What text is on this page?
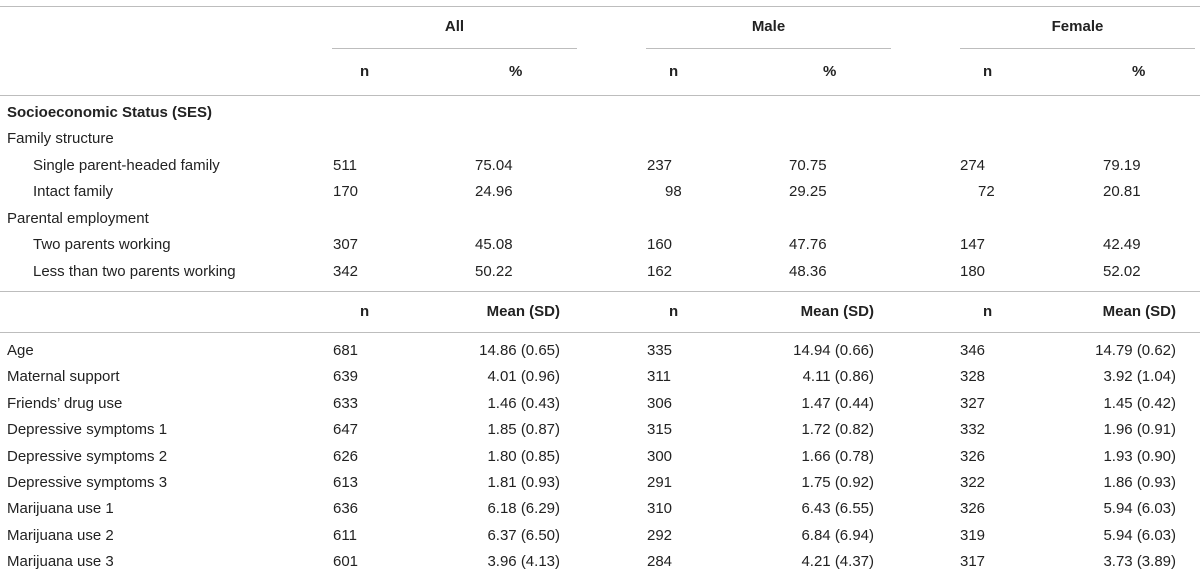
All	Male	Female
n	%	n	%	n	%
Socioeconomic Status (SES)
Family structure
Single parent-headed family	511	75.04	237	70.75	274	79.19
Intact family	170	24.96	98	29.25	72	20.81
Parental employment
Two parents working	307	45.08	160	47.76	147	42.49
Less than two parents working	342	50.22	162	48.36	180	52.02
n	Mean (SD)	n	Mean (SD)	n	Mean (SD)
Age	681	14.86 (0.65)	335	14.94 (0.66)	346	14.79 (0.62)
Maternal support	639	4.01 (0.96)	311	4.11 (0.86)	328	3.92 (1.04)
Friends’ drug use	633	1.46 (0.43)	306	1.47 (0.44)	327	1.45 (0.42)
Depressive symptoms 1	647	1.85 (0.87)	315	1.72 (0.82)	332	1.96 (0.91)
Depressive symptoms 2	626	1.80 (0.85)	300	1.66 (0.78)	326	1.93 (0.90)
Depressive symptoms 3	613	1.81 (0.93)	291	1.75 (0.92)	322	1.86 (0.93)
Marijuana use 1	636	6.18 (6.29)	310	6.43 (6.55)	326	5.94 (6.03)
Marijuana use 2	611	6.37 (6.50)	292	6.84 (6.94)	319	5.94 (6.03)
Marijuana use 3	601	3.96 (4.13)	284	4.21 (4.37)	317	3.73 (3.89)
